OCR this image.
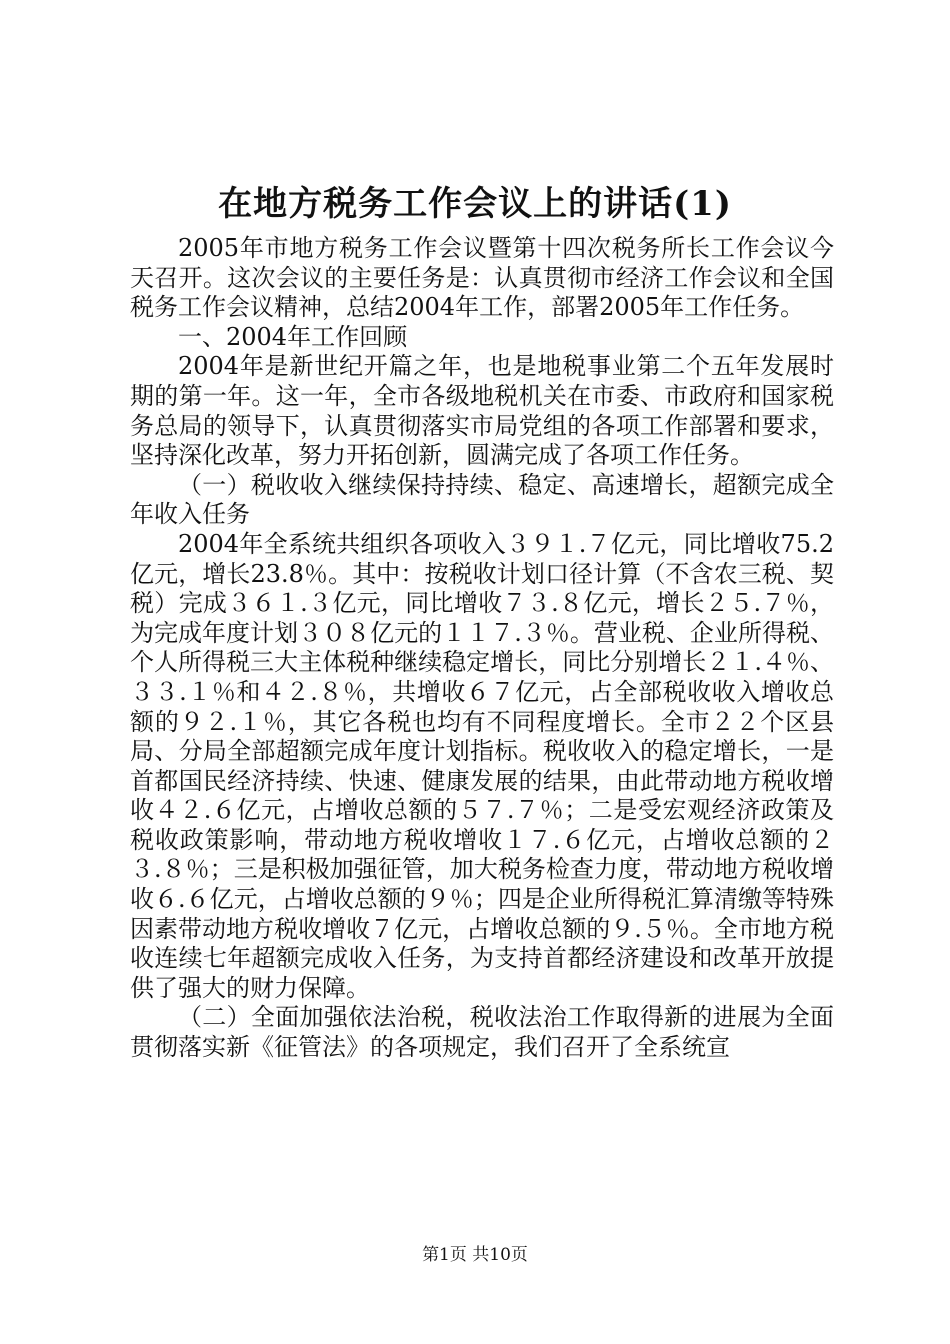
在地方税务工作会议上的讲话(1)

2005年市地方税务工作会议暨第十四次税务所长工作会议今天召开。这次会议的主要任务是：认真贯彻市经济工作会议和全国税务工作会议精神，总结2004年工作，部署2005年工作任务。

一、2004年工作回顾

2004年是新世纪开篇之年，也是地税事业第二个五年发展时期的第一年。这一年，全市各级地税机关在市委、市政府和国家税务总局的领导下，认真贯彻落实市局党组的各项工作部署和要求，坚持深化改革，努力开拓创新，圆满完成了各项工作任务。

（一）税收收入继续保持持续、稳定、高速增长，超额完成全年收入任务

2004年全系统共组织各项收入３９１.７亿元，同比增收75.2亿元，增长23.8％。其中：按税收计划口径计算（不含农三税、契税）完成３６１.３亿元，同比增收７３.８亿元，增长２５.７％，为完成年度计划３０８亿元的１１７.３％。营业税、企业所得税、个人所得税三大主体税种继续稳定增长，同比分别增长２１.４％、３３.１％和４２.８％，共增收６７亿元，占全部税收收入增收总额的９２.１％，其它各税也均有不同程度增长。全市２２个区县局、分局全部超额完成年度计划指标。税收收入的稳定增长，一是首都国民经济持续、快速、健康发展的结果，由此带动地方税收增收４２.６亿元，占增收总额的５７.７％；二是受宏观经济政策及税收政策影响，带动地方税收增收１７.６亿元，占增收总额的２３.８％；三是积极加强征管，加大税务检查力度，带动地方税收增收６.６亿元，占增收总额的９％；四是企业所得税汇算清缴等特殊因素带动地方税收增收７亿元，占增收总额的９.５％。全市地方税收连续七年超额完成收入任务，为支持首都经济建设和改革开放提供了强大的财力保障。

（二）全面加强依法治税，税收法治工作取得新的进展为全面贯彻落实新《征管法》的各项规定，我们召开了全系统宣

第1页 共10页
